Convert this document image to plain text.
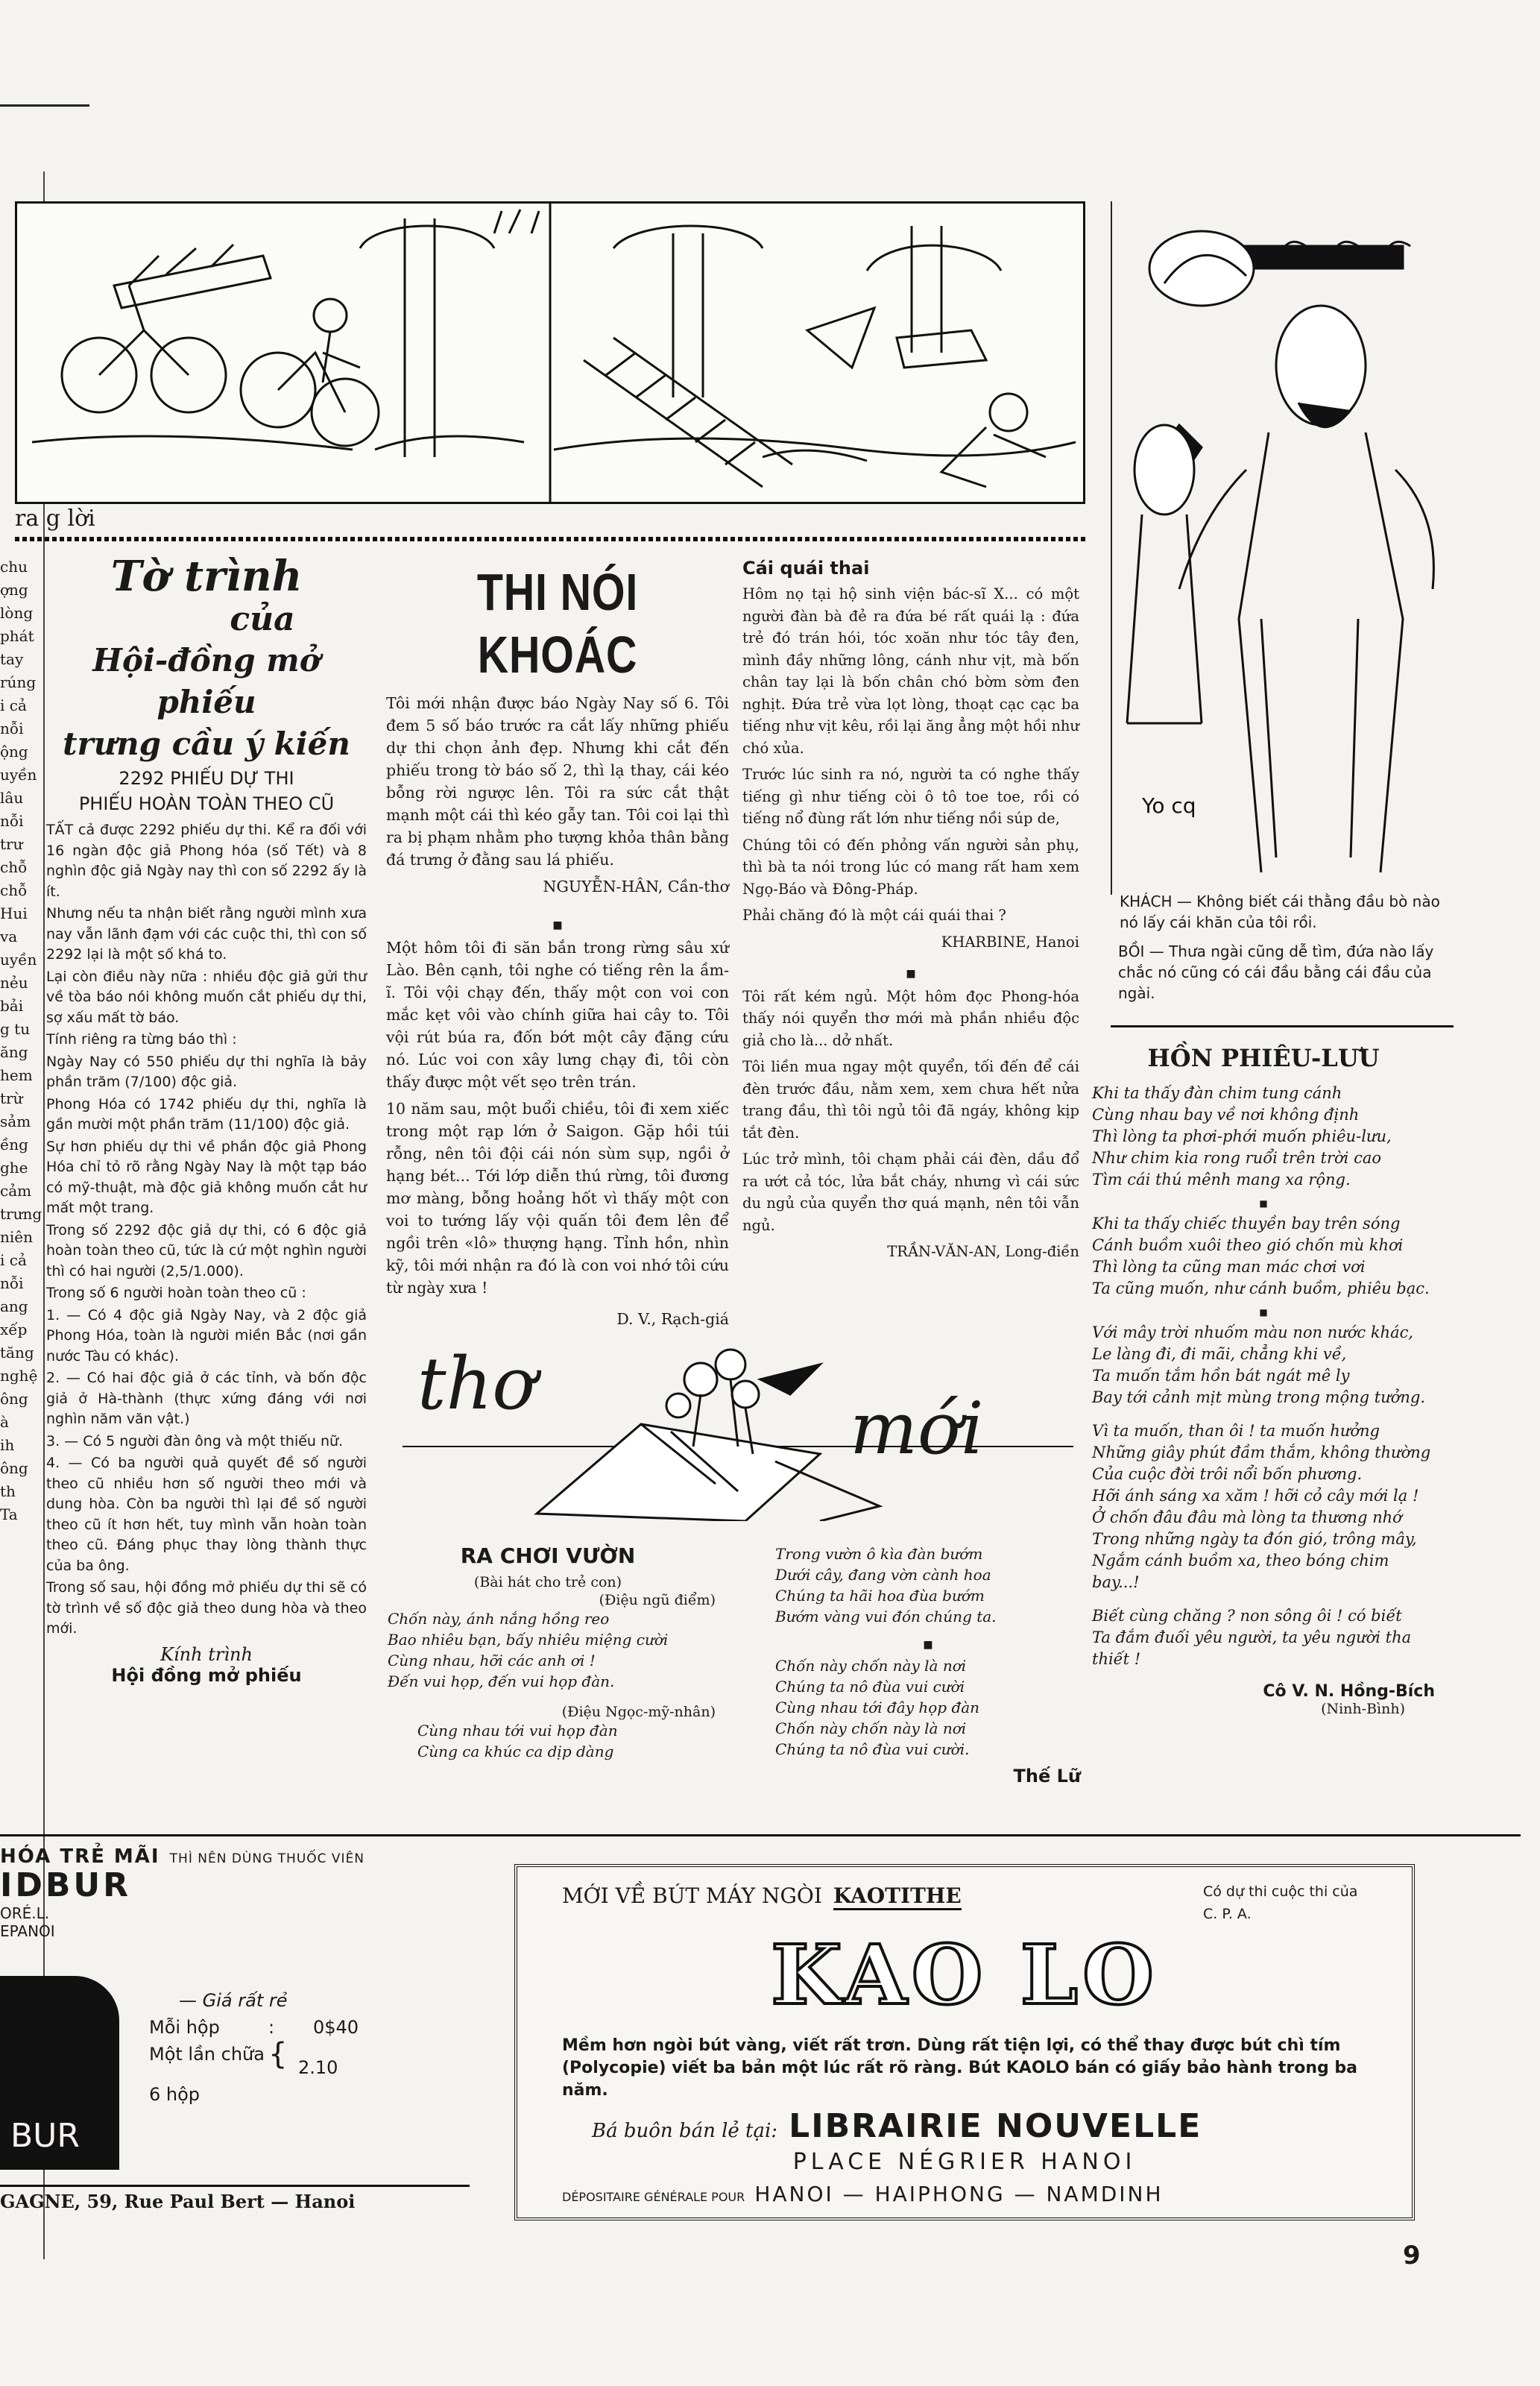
ra g lời
Yo cq
KHÁCH — Không biết cái thằng đầu bò nào nó lấy cái khăn của tôi rồi.
BỒI — Thưa ngài cũng dễ tìm, đứa nào lấy chắc nó cũng có cái đầu bằng cái đầu của ngài.
chu
ợng
lòng
phát
tay
rúng
i cả
nỗi
ộng
uyền
lâu
nỗi
trư
chỗ
chỗ
Hui
va
uyền
nẻu
bải
g tu
ăng
hem
trừ
sảm
ềng
ghe
cảm
trưng
niên
i cả
nỗi
ang
xếp
tăng
nghệ
ông
à
ih
ông
th
Ta
Tờ trình
của
Hội-đồng mở phiếu
trưng cầu ý kiến
2292 PHIẾU DỰ THI
PHIẾU HOÀN TOÀN THEO CŨ

TẤT cả được 2292 phiếu dự thi. Kể ra đối với 16 ngàn độc giả Phong hóa (số Tết) và 8 nghìn độc giả Ngày nay thì con số 2292 ấy là ít.

Nhưng nếu ta nhận biết rằng người mình xưa nay vẫn lãnh đạm với các cuộc thi, thì con số 2292 lại là một số khá to.

Lại còn điều này nữa : nhiều độc giả gửi thư về tòa báo nói không muốn cắt phiếu dự thi, sợ xấu mất tờ báo.

Tính riêng ra từng báo thì :

Ngày Nay có 550 phiếu dự thi nghĩa là bảy phần trăm (7/100) độc giả.

Phong Hóa có 1742 phiếu dự thi, nghĩa là gần mười một phần trăm (11/100) độc giả.

Sự hơn phiếu dự thi về phần độc giả Phong Hóa chỉ tỏ rõ rằng Ngày Nay là một tạp báo có mỹ-thuật, mà độc giả không muốn cắt hư mất một trang.

Trong số 2292 độc giả dự thi, có 6 độc giả hoàn toàn theo cũ, tức là cứ một nghìn người thì có hai người (2,5/1.000).

Trong số 6 người hoàn toàn theo cũ :

1. — Có 4 độc giả Ngày Nay, và 2 độc giả Phong Hóa, toàn là người miền Bắc (nơi gần nước Tàu có khác).

2. — Có hai độc giả ở các tỉnh, và bốn độc giả ở Hà-thành (thực xứng đáng với nơi nghìn năm văn vật.)

3. — Có 5 người đàn ông và một thiếu nữ.

4. — Có ba người quả quyết đề số người theo cũ nhiều hơn số người theo mới và dung hòa. Còn ba người thì lại đề số người theo cũ ít hơn hết, tuy mình vẫn hoàn toàn theo cũ. Đáng phục thay lòng thành thực của ba ông.

Trong số sau, hội đồng mở phiếu dự thi sẽ có tờ trình về số độc giả theo dung hòa và theo mới.

Kính trình
Hội đồng mở phiếu
THI NÓI KHOÁC

Tôi mới nhận được báo Ngày Nay số 6. Tôi đem 5 số báo trước ra cắt lấy những phiếu dự thi chọn ảnh đẹp. Nhưng khi cắt đến phiếu trong tờ báo số 2, thì lạ thay, cái kéo bỗng rời ngược lên. Tôi ra sức cắt thật mạnh một cái thì kéo gẫy tan. Tôi coi lại thì ra bị phạm nhằm pho tượng khỏa thân bằng đá trưng ở đằng sau lá phiếu.

NGUYỄN-HÂN, Cần-thơ
■

Một hôm tôi đi săn bắn trong rừng sâu xứ Lào. Bên cạnh, tôi nghe có tiếng rên la ầm-ĩ. Tôi vội chạy đến, thấy một con voi con mắc kẹt vôi vào chính giữa hai cây to. Tôi vội rút búa ra, đốn bớt một cây đặng cứu nó. Lúc voi con xây lưng chạy đi, tôi còn thấy được một vết sẹo trên trán.

10 năm sau, một buổi chiều, tôi đi xem xiếc trong một rạp lớn ở Saigon. Gặp hồi túi rỗng, nên tôi đội cái nón sùm sụp, ngồi ở hạng bét... Tới lớp diễn thú rừng, tôi đương mơ màng, bỗng hoảng hốt vì thấy một con voi to tướng lấy vội quấn tôi đem lên để ngồi trên «lô» thượng hạng. Tỉnh hồn, nhìn kỹ, tôi mới nhận ra đó là con voi nhớ tôi cứu từ ngày xưa !

D. V., Rạch-giá
Cái quái thai

Hôm nọ tại hộ sinh viện bác-sĩ X... có một người đàn bà đẻ ra đứa bé rất quái lạ : đứa trẻ đó trán hói, tóc xoăn như tóc tây đen, mình đầy những lông, cánh như vịt, mà bốn chân tay lại là bốn chân chó bờm sờm đen nghịt. Đứa trẻ vừa lọt lòng, thoạt cạc cạc ba tiếng như vịt kêu, rồi lại ăng ẳng một hồi như chó xủa.

Trước lúc sinh ra nó, người ta có nghe thấy tiếng gì như tiếng còi ô tô toe toe, rồi có tiếng nổ đùng rất lớn như tiếng nồi súp de,

Chúng tôi có đến phỏng vấn người sản phụ, thì bà ta nói trong lúc có mang rất ham xem Ngọ-Báo và Đông-Pháp.

Phải chăng đó là một cái quái thai ?

KHARBINE, Hanoi
■

Tôi rất kém ngủ. Một hôm đọc Phong-hóa thấy nói quyển thơ mới mà phần nhiều độc giả cho là... dở nhất.

Tôi liền mua ngay một quyển, tối đến để cái đèn trước đầu, nằm xem, xem chưa hết nửa trang đầu, thì tôi ngủ tôi đã ngáy, không kịp tắt đèn.

Lúc trở mình, tôi chạm phải cái đèn, dầu đổ ra ướt cả tóc, lửa bắt cháy, nhưng vì cái sức du ngủ của quyển thơ quá mạnh, nên tôi vẫn ngủ.

TRẦN-VĂN-AN, Long-điền
thơ
mới
RA CHƠI VƯỜN
(Bài hát cho trẻ con)
(Điệu ngũ điểm)
Chốn này, ánh nắng hồng reo
Bao nhiêu bạn, bấy nhiêu miệng cười
Cùng nhau, hỡi các anh ơi !
Đến vui họp, đến vui họp đàn.
(Điệu Ngọc-mỹ-nhân)
Cùng nhau tới vui họp đàn
Cùng ca khúc ca dịp dàng
Trong vườn ô kìa đàn bướm
Dưới cây, đang vờn cành hoa
Chúng ta hãi hoa đùa bướm
Bướm vàng vui đón chúng ta.
■
Chốn này chốn này là nơi
Chúng ta nô đùa vui cười
Cùng nhau tới đây họp đàn
Chốn này chốn này là nơi
Chúng ta nô đùa vui cười.
Thế Lữ
HỒN PHIÊU-LƯU
Khi ta thấy đàn chim tung cánh
Cùng nhau bay về nơi không định
Thì lòng ta phơi-phới muốn phiêu-lưu,
Như chim kia rong ruổi trên trời cao
Tìm cái thú mênh mang xa rộng.
■
Khi ta thấy chiếc thuyền bay trên sóng
Cánh buồm xuôi theo gió chốn mù khơi
Thì lòng ta cũng man mác chơi vơi
Ta cũng muốn, như cánh buồm, phiêu bạc.
■
Với mây trời nhuốm màu non nước khác,
Le làng đi, đi mãi, chẳng khi về,
Ta muốn tắm hồn bát ngát mê ly
Bay tới cảnh mịt mùng trong mộng tưởng.
Vì ta muốn, than ôi ! ta muốn hưởng
Những giây phút đầm thắm, không thường
Của cuộc đời trôi nổi bốn phương.
Hỡi ánh sáng xa xăm ! hỡi cỏ cây mới lạ !
Ở chốn đâu đâu mà lòng ta thương nhớ
Trong những ngày ta đón gió, trông mây,
Ngắm cánh buồm xa, theo bóng chim bay...!
Biết cùng chăng ? non sông ôi ! có biết
Ta đắm đuối yêu người, ta yêu người tha thiết !
Cô V. N. Hồng-Bích
(Ninh-Bình)
HÓA TRẺ MÃI THÌ NÊN DÙNG THUỐC VIÊN
IDBUR
ORÉ.L.
EPANOI
BUR
— Giá rất rẻ
Mỗi hộp	:	0$40
Một lần chữa { 2.10
6 hộp
GAGNE, 59, Rue Paul Bert — Hanoi
MỚI VỀ BÚT MÁY NGÒI KAOTITHE	Có dự thi cuộc thi của C. P. A.
KAO LO
Mềm hơn ngòi bút vàng, viết rất trơn. Dùng rất tiện lợi, có thể thay được bút chì tím (Polycopie) viết ba bản một lúc rất rõ ràng. Bút KAOLO bán có giấy bảo hành trong ba năm.
Bá buôn bán lẻ tại: LIBRAIRIE NOUVELLE
PLACE NÉGRIER HANOI
DÉPOSITAIRE GÉNÉRALE POUR HANOI — HAIPHONG — NAMDINH
9
